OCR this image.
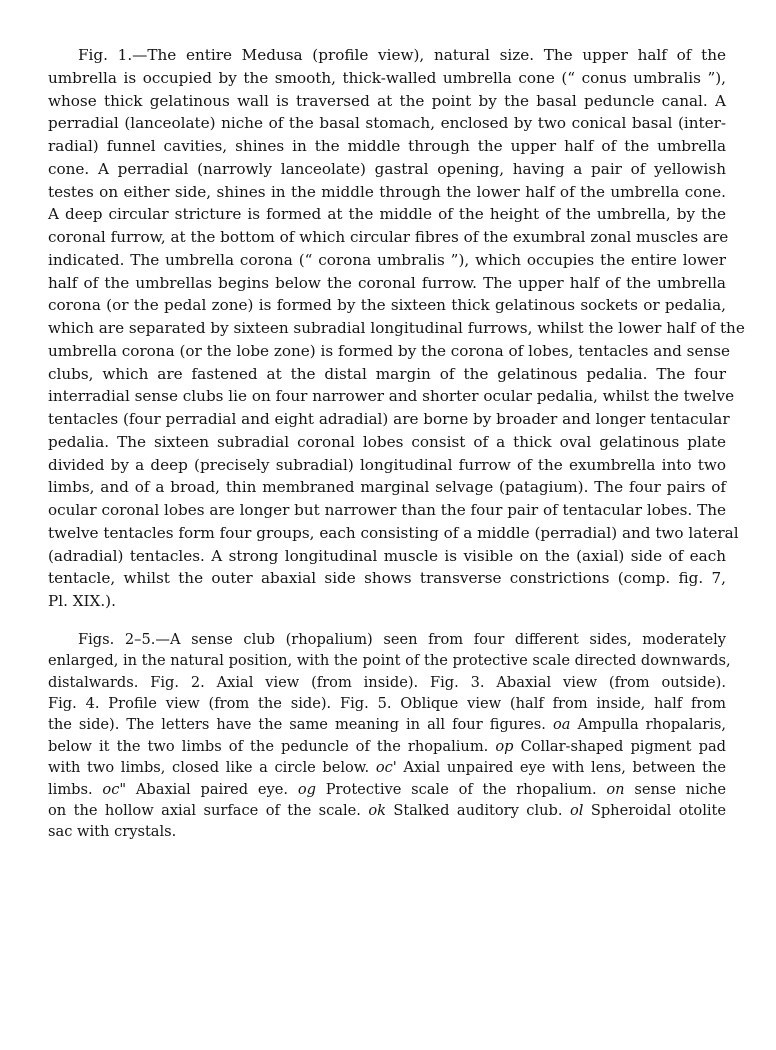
Fig. 1.—The entire Medusa (profile view), natural size. The upper half of the
umbrella is occupied by the smooth, thick-walled umbrella cone (“ conus umbralis ”),
whose thick gelatinous wall is traversed at the point by the basal peduncle canal. A
perradial (lanceolate) niche of the basal stomach, enclosed by two conical basal (inter-
radial) funnel cavities, shines in the middle through the upper half of the umbrella
cone. A perradial (narrowly lanceolate) gastral opening, having a pair of yellowish
testes on either side, shines in the middle through the lower half of the umbrella cone.
A deep circular stricture is formed at the middle of the height of the umbrella, by the
coronal furrow, at the bottom of which circular fibres of the exumbral zonal muscles are
indicated. The umbrella corona (“ corona umbralis ”), which occupies the entire lower
half of the umbrellas begins below the coronal furrow. The upper half of the umbrella
corona (or the pedal zone) is formed by the sixteen thick gelatinous sockets or pedalia,
which are separated by sixteen subradial longitudinal furrows, whilst the lower half of the
umbrella corona (or the lobe zone) is formed by the corona of lobes, tentacles and sense
clubs, which are fastened at the distal margin of the gelatinous pedalia. The four
interradial sense clubs lie on four narrower and shorter ocular pedalia, whilst the twelve
tentacles (four perradial and eight adradial) are borne by broader and longer tentacular
pedalia. The sixteen subradial coronal lobes consist of a thick oval gelatinous plate
divided by a deep (precisely subradial) longitudinal furrow of the exumbrella into two
limbs, and of a broad, thin membraned marginal selvage (patagium). The four pairs of
ocular coronal lobes are longer but narrower than the four pair of tentacular lobes. The
twelve tentacles form four groups, each consisting of a middle (perradial) and two lateral
(adradial) tentacles. A strong longitudinal muscle is visible on the (axial) side of each
tentacle, whilst the outer abaxial side shows transverse constrictions (comp. fig. 7,
Pl. XIX.).

Figs. 2–5.—A sense club (rhopalium) seen from four different sides, moderately
enlarged, in the natural position, with the point of the protective scale directed downwards,
distalwards. Fig. 2. Axial view (from inside). Fig. 3. Abaxial view (from outside).
Fig. 4. Profile view (from the side). Fig. 5. Oblique view (half from inside, half from
the side). The letters have the same meaning in all four figures. oa Ampulla rhopalaris,
below it the two limbs of the peduncle of the rhopalium. op Collar-shaped pigment pad
with two limbs, closed like a circle below. oc' Axial unpaired eye with lens, between the
limbs. oc" Abaxial paired eye. og Protective scale of the rhopalium. on sense niche
on the hollow axial surface of the scale. ok Stalked auditory club. ol Spheroidal otolite
sac with crystals.
